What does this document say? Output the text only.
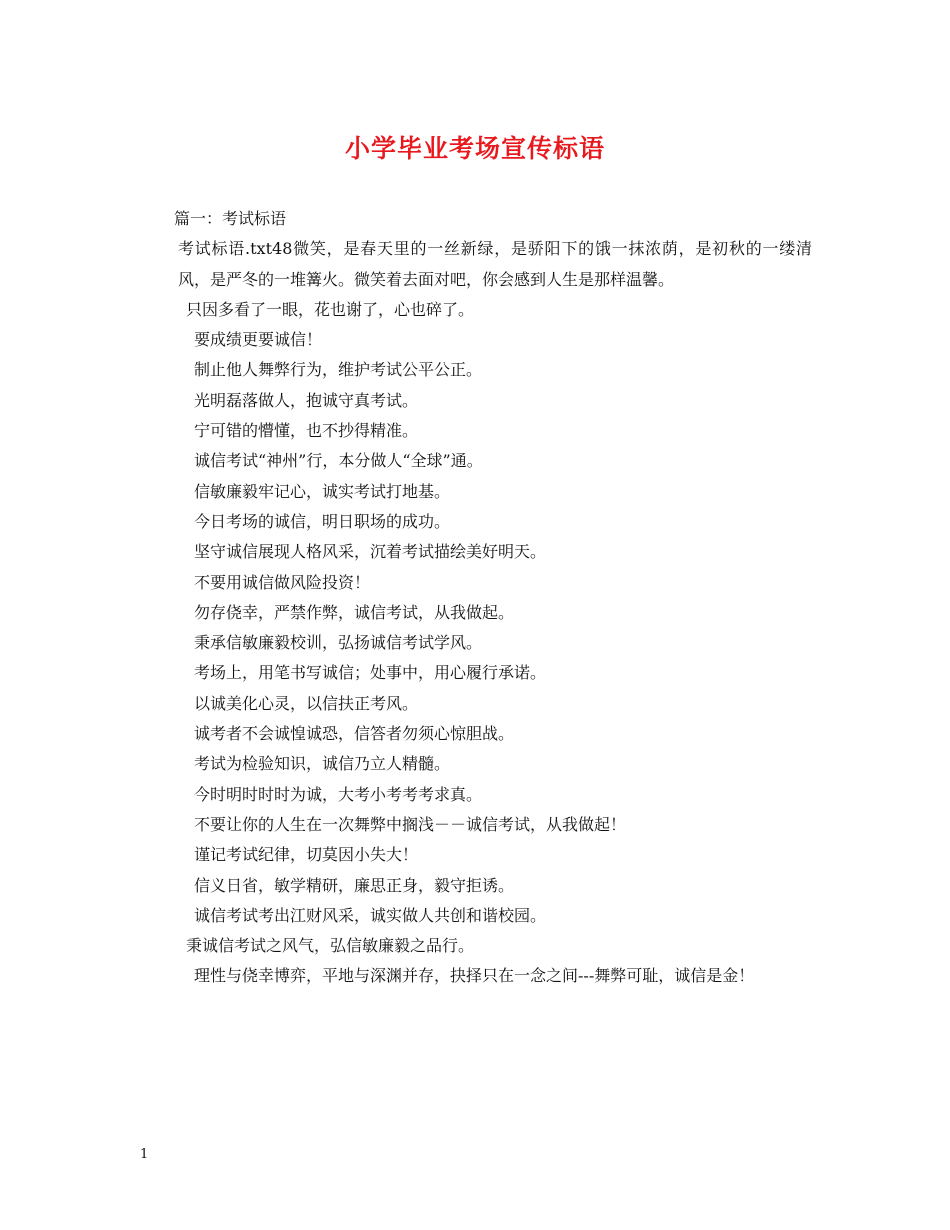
小学毕业考场宣传标语
篇一：考试标语
考试标语.txt48微笑，是春天里的一丝新绿，是骄阳下的饿一抹浓荫，是初秋的一缕清风，是严冬的一堆篝火。微笑着去面对吧，你会感到人生是那样温馨。
只因多看了一眼，花也谢了，心也碎了。
要成绩更要诚信！
制止他人舞弊行为，维护考试公平公正。
光明磊落做人，抱诚守真考试。
宁可错的懵懂，也不抄得精准。
诚信考试“神州”行，本分做人“全球”通。
信敏廉毅牢记心，诚实考试打地基。
今日考场的诚信，明日职场的成功。
坚守诚信展现人格风采，沉着考试描绘美好明天。
不要用诚信做风险投资！
勿存侥幸，严禁作弊，诚信考试，从我做起。
秉承信敏廉毅校训，弘扬诚信考试学风。
考场上，用笔书写诚信；处事中，用心履行承诺。
以诚美化心灵，以信扶正考风。
诚考者不会诚惶诚恐，信答者勿须心惊胆战。
考试为检验知识，诚信乃立人精髓。
今时明时时时为诚，大考小考考考求真。
不要让你的人生在一次舞弊中搁浅－－诚信考试，从我做起！
谨记考试纪律，切莫因小失大！
信义日省，敏学精研，廉思正身，毅守拒诱。
诚信考试考出江财风采，诚实做人共创和谐校园。
秉诚信考试之风气，弘信敏廉毅之品行。
理性与侥幸博弈，平地与深渊并存，抉择只在一念之间---舞弊可耻，诚信是金！
1
